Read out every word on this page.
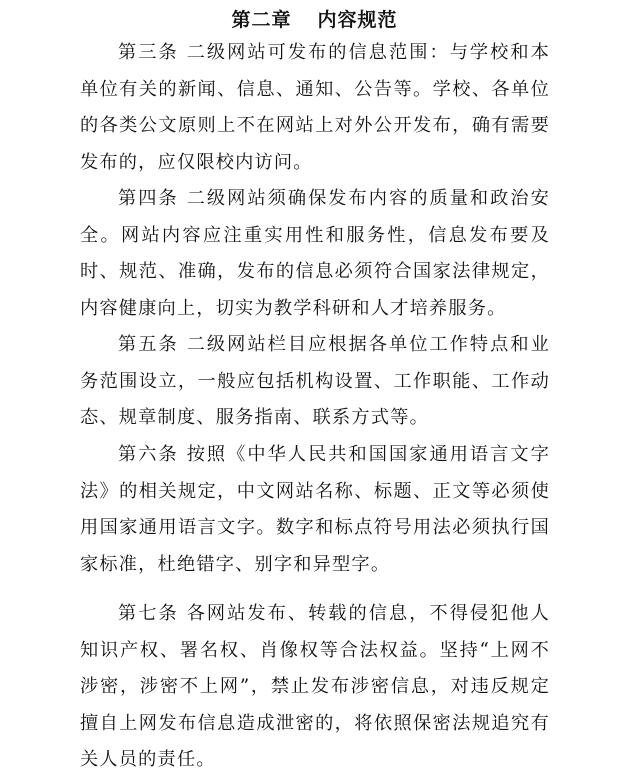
第二章 内容规范

第三条 二级网站可发布的信息范围：与学校和本单位有关的新闻、信息、通知、公告等。学校、各单位的各类公文原则上不在网站上对外公开发布，确有需要发布的，应仅限校内访问。

第四条 二级网站须确保发布内容的质量和政治安全。网站内容应注重实用性和服务性，信息发布要及时、规范、准确，发布的信息必须符合国家法律规定，内容健康向上，切实为教学科研和人才培养服务。

第五条 二级网站栏目应根据各单位工作特点和业务范围设立，一般应包括机构设置、工作职能、工作动态、规章制度、服务指南、联系方式等。

第六条 按照《中华人民共和国国家通用语言文字法》的相关规定，中文网站名称、标题、正文等必须使用国家通用语言文字。数字和标点符号用法必须执行国家标准，杜绝错字、别字和异型字。

第七条 各网站发布、转载的信息，不得侵犯他人知识产权、署名权、肖像权等合法权益。坚持“上网不涉密，涉密不上网”，禁止发布涉密信息，对违反规定擅自上网发布信息造成泄密的，将依照保密法规追究有关人员的责任。
